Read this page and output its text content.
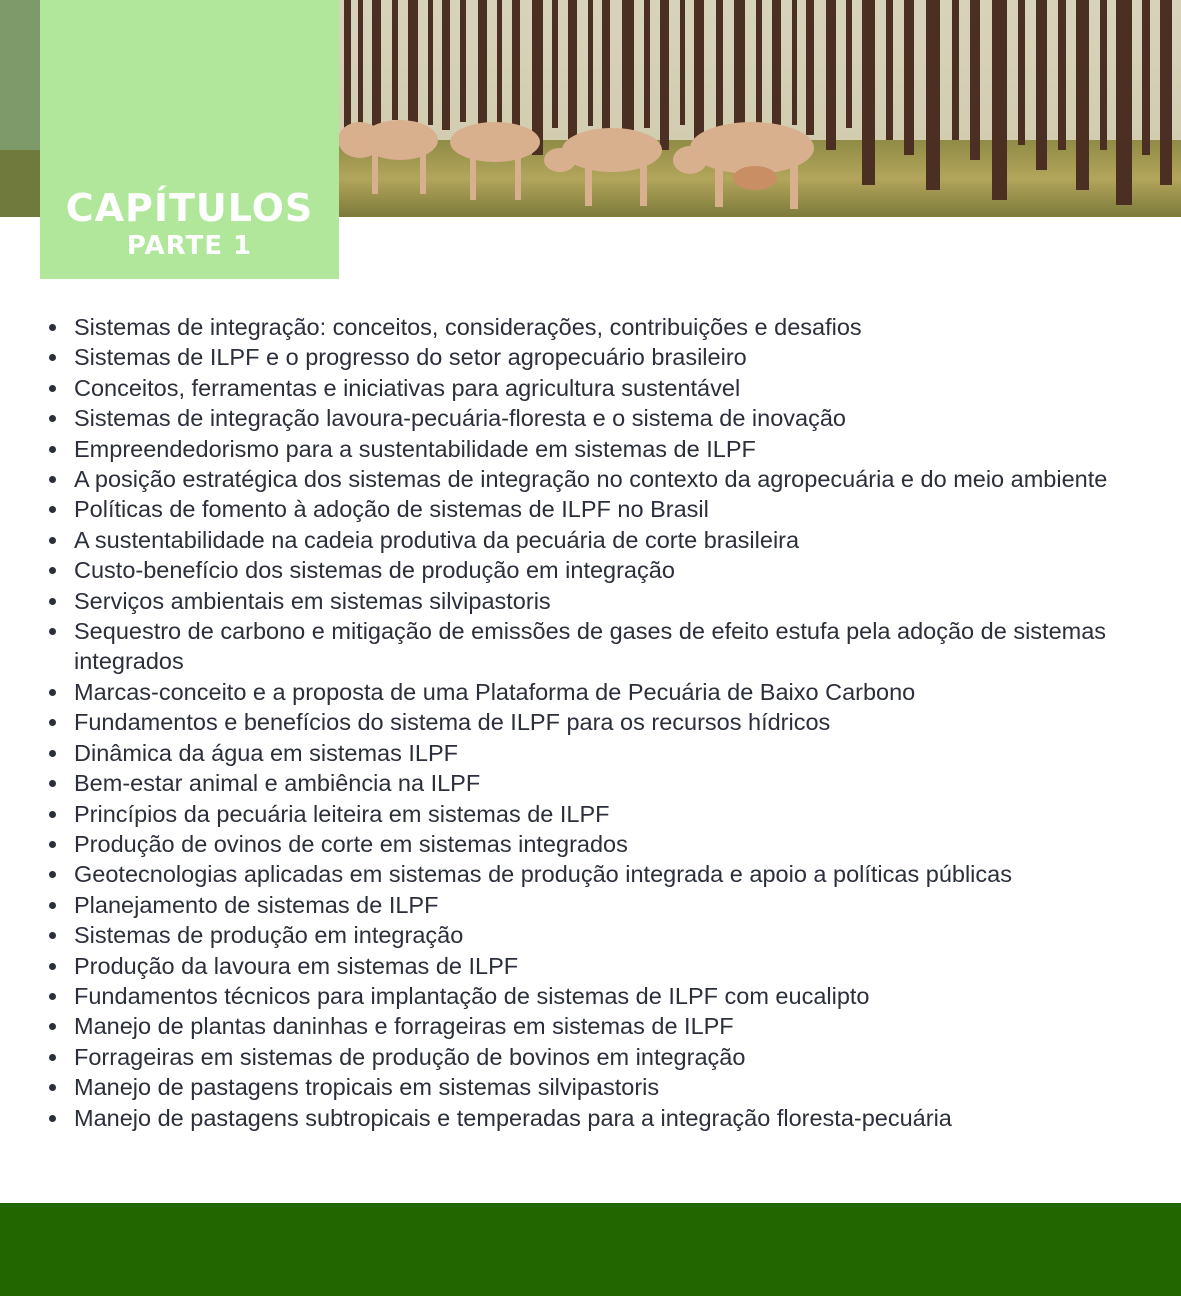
CAPÍTULOS
PARTE 1
Sistemas de integração: conceitos, considerações, contribuições e desafios
Sistemas de ILPF e o progresso do setor agropecuário brasileiro
Conceitos, ferramentas e iniciativas para agricultura sustentável
Sistemas de integração lavoura-pecuária-floresta e o sistema de inovação
Empreendedorismo para a sustentabilidade em sistemas de ILPF
A posição estratégica dos sistemas de integração no contexto da agropecuária e do meio ambiente
Políticas de fomento à adoção de sistemas de ILPF no Brasil
A sustentabilidade na cadeia produtiva da pecuária de corte brasileira
Custo-benefício dos sistemas de produção em integração
Serviços ambientais em sistemas silvipastoris
Sequestro de carbono e mitigação de emissões de gases de efeito estufa pela adoção de sistemas integrados
Marcas-conceito e a proposta de uma Plataforma de Pecuária de Baixo Carbono
Fundamentos e benefícios do sistema de ILPF para os recursos hídricos
Dinâmica da água em sistemas ILPF
Bem-estar animal e ambiência na ILPF
Princípios da pecuária leiteira em sistemas de ILPF
Produção de ovinos de corte em sistemas integrados
Geotecnologias aplicadas em sistemas de produção integrada e apoio a políticas públicas
Planejamento de sistemas de ILPF
Sistemas de produção em integração
Produção da lavoura em sistemas de ILPF
Fundamentos técnicos para implantação de sistemas de ILPF com eucalipto
Manejo de plantas daninhas e forrageiras em sistemas de ILPF
Forrageiras em sistemas de produção de bovinos em integração
Manejo de pastagens tropicais em sistemas silvipastoris
Manejo de pastagens subtropicais e temperadas para a integração floresta-pecuária
